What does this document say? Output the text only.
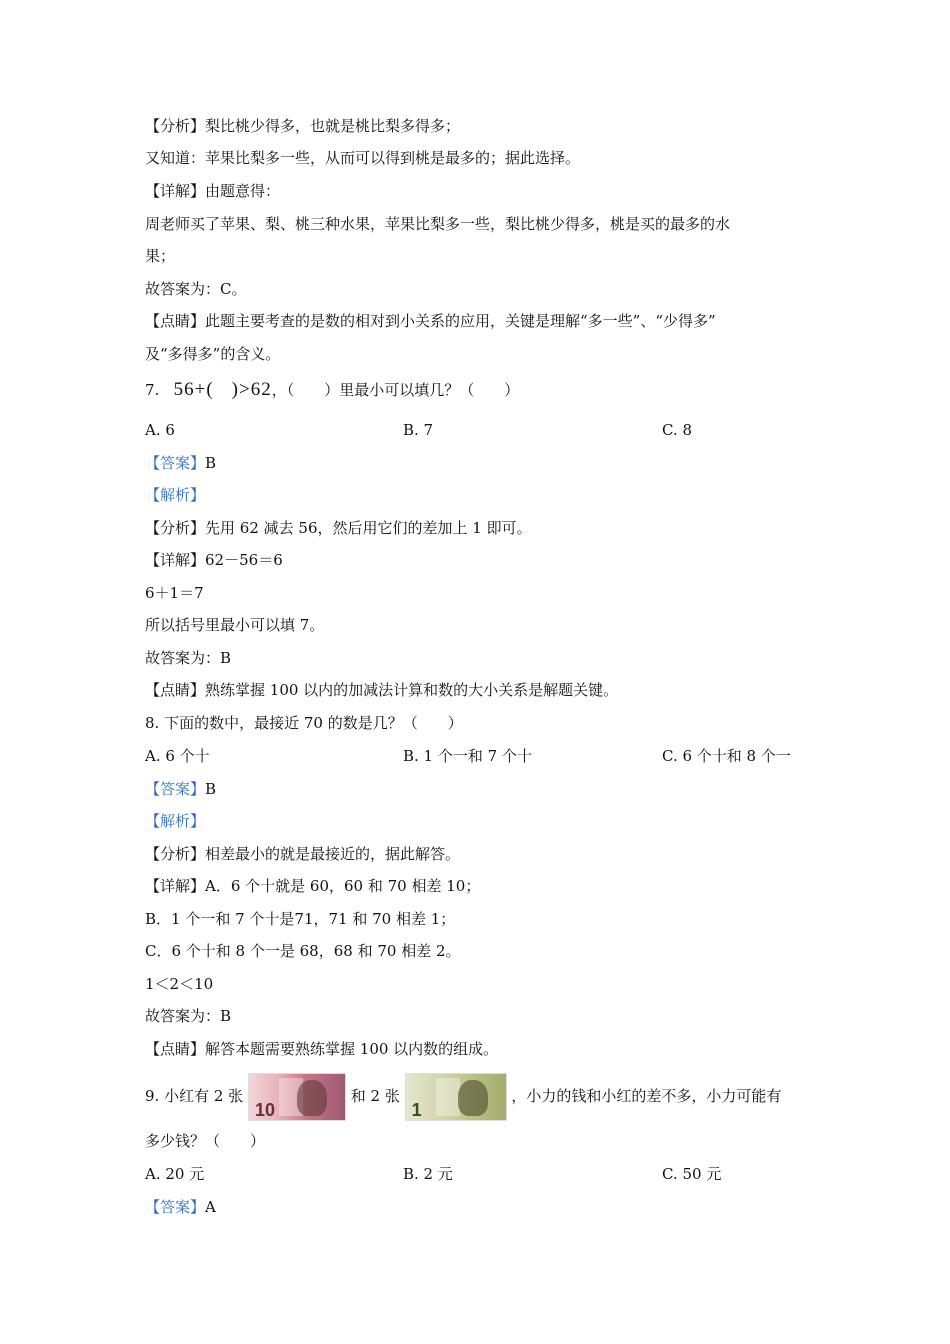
【分析】梨比桃少得多，也就是桃比梨多得多；
又知道：苹果比梨多一些，从而可以得到桃是最多的；据此选择。
【详解】由题意得：
周老师买了苹果、梨、桃三种水果，苹果比梨多一些，梨比桃少得多，桃是买的最多的水
果；
故答案为：C。
【点睛】此题主要考查的是数的相对到小关系的应用，关键是理解“多一些”、“少得多”
及“多得多”的含义。
7. 56+( )>62，（　　）里最小可以填几？（　　）
A. 6	B. 7	C. 8
【答案】B
【解析】
【分析】先用 62 减去 56，然后用它们的差加上 1 即可。
【详解】62－56＝6
6＋1＝7
所以括号里最小可以填 7。
故答案为：B
【点睛】熟练掌握 100 以内的加减法计算和数的大小关系是解题关键。
8. 下面的数中，最接近 70 的数是几？（　　）
A. 6 个十	B. 1 个一和 7 个十	C. 6 个十和 8 个一
【答案】B
【解析】
【分析】相差最小的就是最接近的，据此解答。
【详解】A．6 个十就是 60，60 和 70 相差 10；
B．1 个一和 7 个十是71，71 和 70 相差 1；
C．6 个十和 8 个一是 68，68 和 70 相差 2。
1＜2＜10
故答案为：B
【点睛】解答本题需要熟练掌握 100 以内数的组成。
9. 小红有 2 张
10
和 2 张
1
，小力的钱和小红的差不多，小力可能有
多少钱？（　　）
A. 20 元	B. 2 元	C. 50 元
【答案】A
